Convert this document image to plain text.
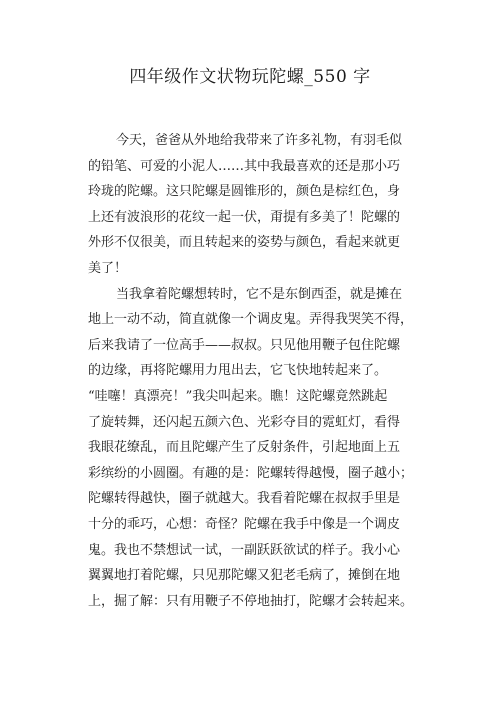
四年级作文状物玩陀螺_550 字
今天，爸爸从外地给我带来了许多礼物，有羽毛似
的铅笔、可爱的小泥人……其中我最喜欢的还是那小巧
玲珑的陀螺。这只陀螺是圆锥形的，颜色是棕红色，身
上还有波浪形的花纹一起一伏，甭提有多美了！陀螺的
外形不仅很美，而且转起来的姿势与颜色，看起来就更
美了！
当我拿着陀螺想转时，它不是东倒西歪，就是摊在
地上一动不动，简直就像一个调皮鬼。弄得我哭笑不得，
后来我请了一位高手——叔叔。只见他用鞭子包住陀螺
的边缘，再将陀螺用力甩出去，它飞快地转起来了。
“哇噻！真漂亮！”我尖叫起来。瞧！这陀螺竟然跳起
了旋转舞，还闪起五颜六色、光彩夺目的霓虹灯，看得
我眼花缭乱，而且陀螺产生了反射条件，引起地面上五
彩缤纷的小圆圈。有趣的是：陀螺转得越慢，圈子越小；
陀螺转得越快，圈子就越大。我看着陀螺在叔叔手里是
十分的乖巧，心想：奇怪？陀螺在我手中像是一个调皮
鬼。我也不禁想试一试，一副跃跃欲试的样子。我小心
翼翼地打着陀螺，只见那陀螺又犯老毛病了，摊倒在地
上，掘了解：只有用鞭子不停地抽打，陀螺才会转起来。
